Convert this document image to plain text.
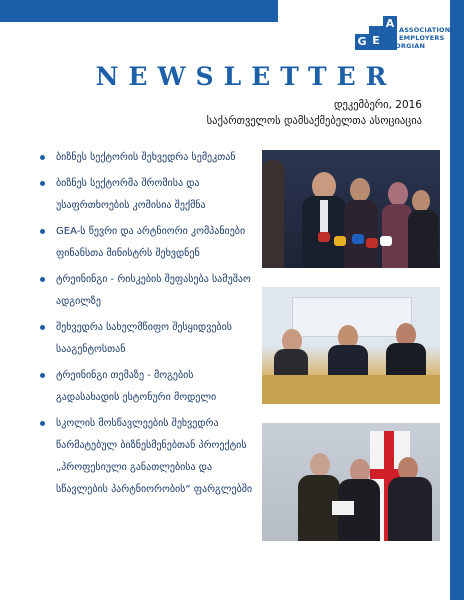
G E
A ASSOCIATION
EMPLOYERS
GEORGIAN
NEWSLETTER
დეკემბერი, 2016
საქართველოს დამსაქმებელთა ასოციაცია
ბიზნეს სექტორის შეხვედრა სემეკთან
ბიზნეს სექტორმა შრომისა და უსაფრთხოების კომისია შექმნა
GEA-ს წევრი და არტნიორი კომპანიები ფინანსთა მინისტრს შეხვდნენ
ტრეინინგი - რისკების შეფასება სამუშაო ადგილზე
შეხვედრა სახელმწიფო შესყიდვების სააგენტოსთან
ტრეინინგი თემაზე - მოგების გადასახადის ესტონური მოდელი
სკოლის მოსწავლეების შეხვედრა წარმატებულ ბიზნესმენებთან პროექტის „პროფესიული განათლებისა და სწავლების პარტნიორობის“ ფარგლებში
